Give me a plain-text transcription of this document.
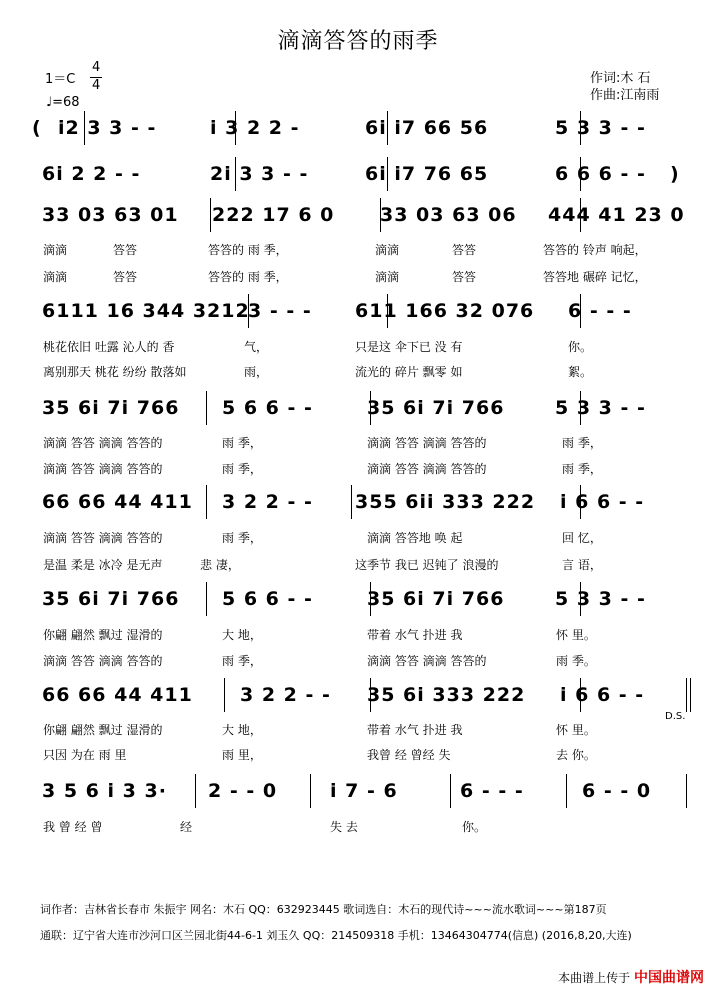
滴滴答答的雨季
1＝C
4
4
♩=68
作词:木 石
作曲:江南雨
( i2 3 3 - -	i 3 2 2 -	6i i7 66 56	5 3 3 - -
6i 2 2 - -	2i 3 3 - -	6i i7 76 65	6 6 6 - - )
33 03 63 01 222 17 6 0 33 03 63 06 444 41 23 0
6111 16 344 3212
3 - - - 611 166 32 076 6 - - -
35 6i 7i 766 5 6 6 - -	35 6i 7i 766	5 3 3 - -
66 66 44 411 3 2 2 - - 355 6ii 333 222 i 6 6 - -
35 6i 7i 766 5 6 6 - -	35 6i 7i 766	5 3 3 - -
66 66 44 411 3 2 2 - - 35 6i 333 222 i 6 6 - -
3 5 6 i 3 3· 2 - - 0	i 7 - 6	6 - - -	6 - - 0
滴滴	答答	答答的 雨 季，	滴滴	答答	答答的 铃声 响起，
滴滴	答答	答答的 雨 季，	滴滴	答答	答答地 碾碎 记忆，
桃花依旧 吐露 沁人的 香	气，	只是这 伞下已 没 有	你。
离别那天 桃花 纷纷 散落如	雨，	流光的 碎片 飘零 如	絮。
滴滴 答答 滴滴 答答的	雨 季，	滴滴 答答 滴滴 答答的	雨 季，
滴滴 答答 滴滴 答答的	雨 季，	滴滴 答答 滴滴 答答的	雨 季，
滴滴 答答 滴滴 答答的	雨 季，	滴滴 答答地 唤 起	回 忆，
是温 柔是 冰冷 是无声	悲 凄，	这季节 我已 迟钝了 浪漫的	言 语，
你翩 翩然 飘过 湿滑的	大 地，	带着 水气 扑进 我	怀 里。
滴滴 答答 滴滴 答答的	雨 季，	滴滴 答答 滴滴 答答的	雨 季。
你翩 翩然 飘过 湿滑的	大 地，	带着 水气 扑进 我	怀 里。
只因 为在 雨 里	雨 里，	我曾 经 曾经 失	去 你。
我 曾 经 曾	经	失 去	你。
D.S.
词作者：吉林省长春市 朱振宇 网名：木石 QQ：632923445 歌词选自：木石的现代诗~~~流水歌词~~~第187页
通联：辽宁省大连市沙河口区兰园北街44-6-1 刘玉久 QQ：214509318 手机：13464304774(信息) (2016,8,20,大连)
本曲谱上传于 中国曲谱网
